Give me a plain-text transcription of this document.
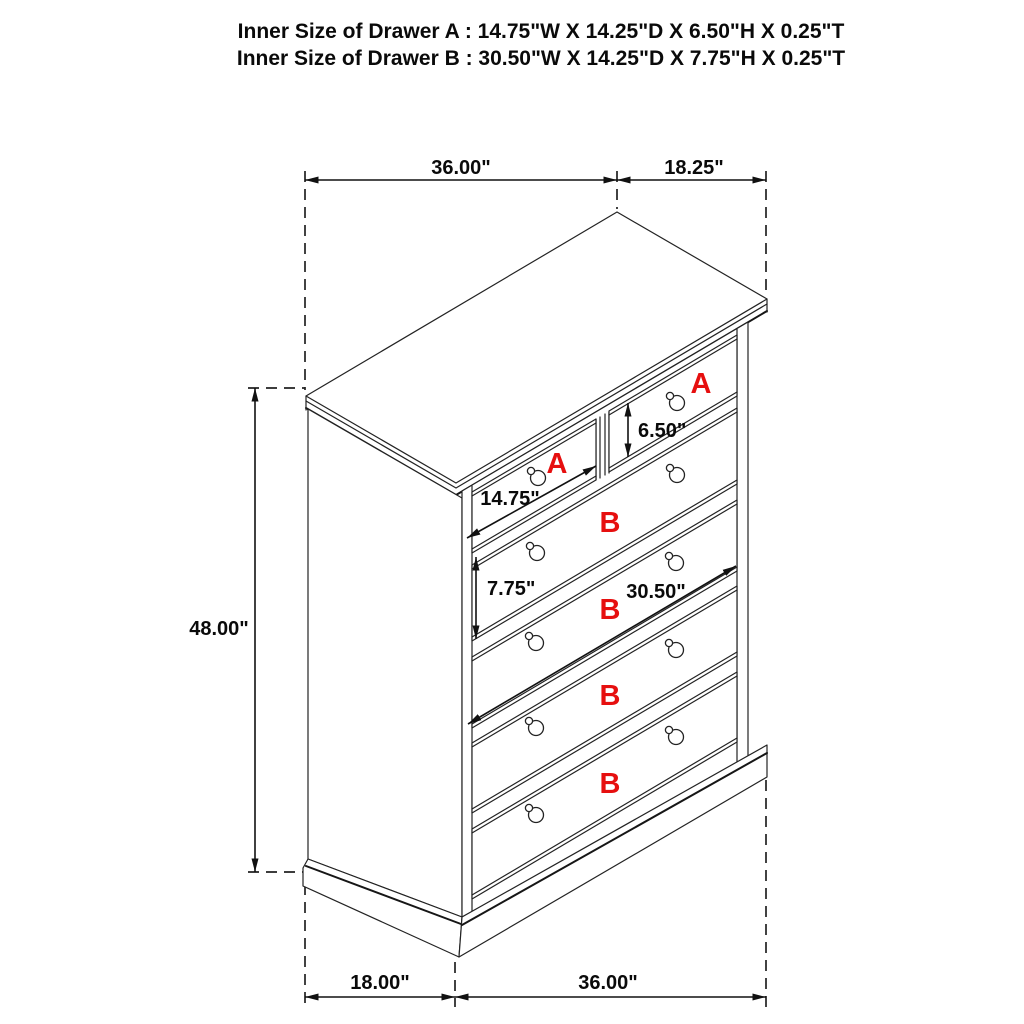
Inner Size of Drawer A : 14.75"W X 14.25"D X 6.50"H X 0.25"T
Inner Size of Drawer B : 30.50"W X 14.25"D X 7.75"H X 0.25"T
36.00"	18.25"
48.00"
18.00"	36.00"
6.50"
14.75"
7.75"	30.50"
A
A
B
B
B
B
